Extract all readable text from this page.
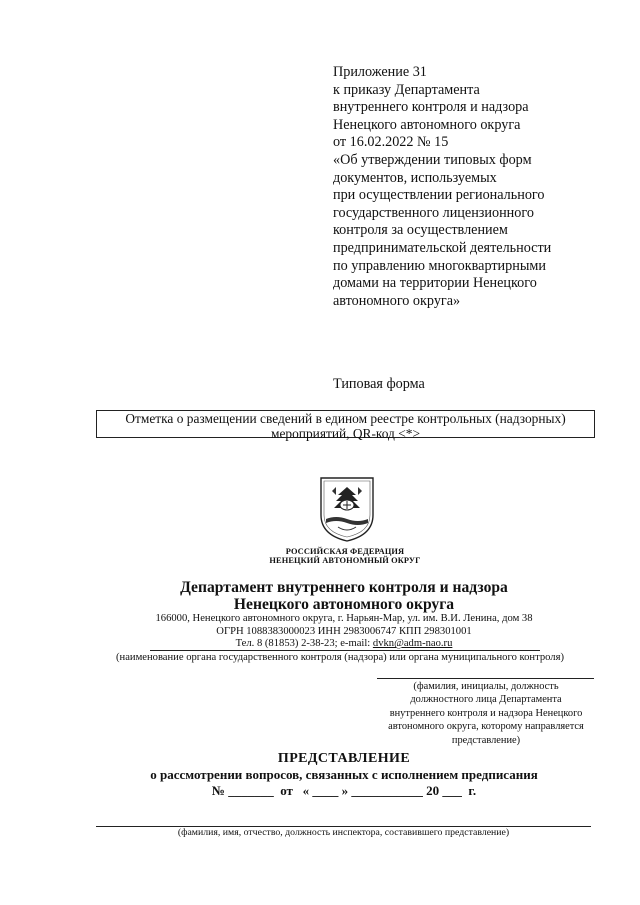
Приложение 31
к приказу Департамента
внутреннего контроля и надзора
Ненецкого автономного округа
от 16.02.2022 № 15
«Об утверждении типовых форм
документов, используемых
при осуществлении регионального
государственного лицензионного
контроля за осуществлением
предпринимательской деятельности
по управлению многоквартирными
домами на территории Ненецкого
автономного округа»
Типовая форма
Отметка о размещении сведений в едином реестре контрольных (надзорных)
мероприятий, QR-код <*>
РОССИЙСКАЯ ФЕДЕРАЦИЯ
НЕНЕЦКИЙ АВТОНОМНЫЙ ОКРУГ
Департамент внутреннего контроля и надзора
Ненецкого автономного округа
166000, Ненецкого автономного округа, г. Нарьян-Мар, ул. им. В.И. Ленина, дом 38
ОГРН 1088383000023 ИНН 2983006747 КПП 298301001
Тел. 8 (81853) 2-38-23; e-mail: dvkn@adm-nao.ru
(наименование органа государственного контроля (надзора) или органа муниципального контроля)
(фамилия, инициалы, должность
должностного лица Департамента
внутреннего контроля и надзора Ненецкого
автономного округа, которому направляется
представление)
ПРЕДСТАВЛЕНИЕ
о рассмотрении вопросов, связанных с исполнением предписания
№ _______  от   « ____ » ___________ 20 ___  г.
(фамилия, имя, отчество, должность инспектора, составившего представление)
